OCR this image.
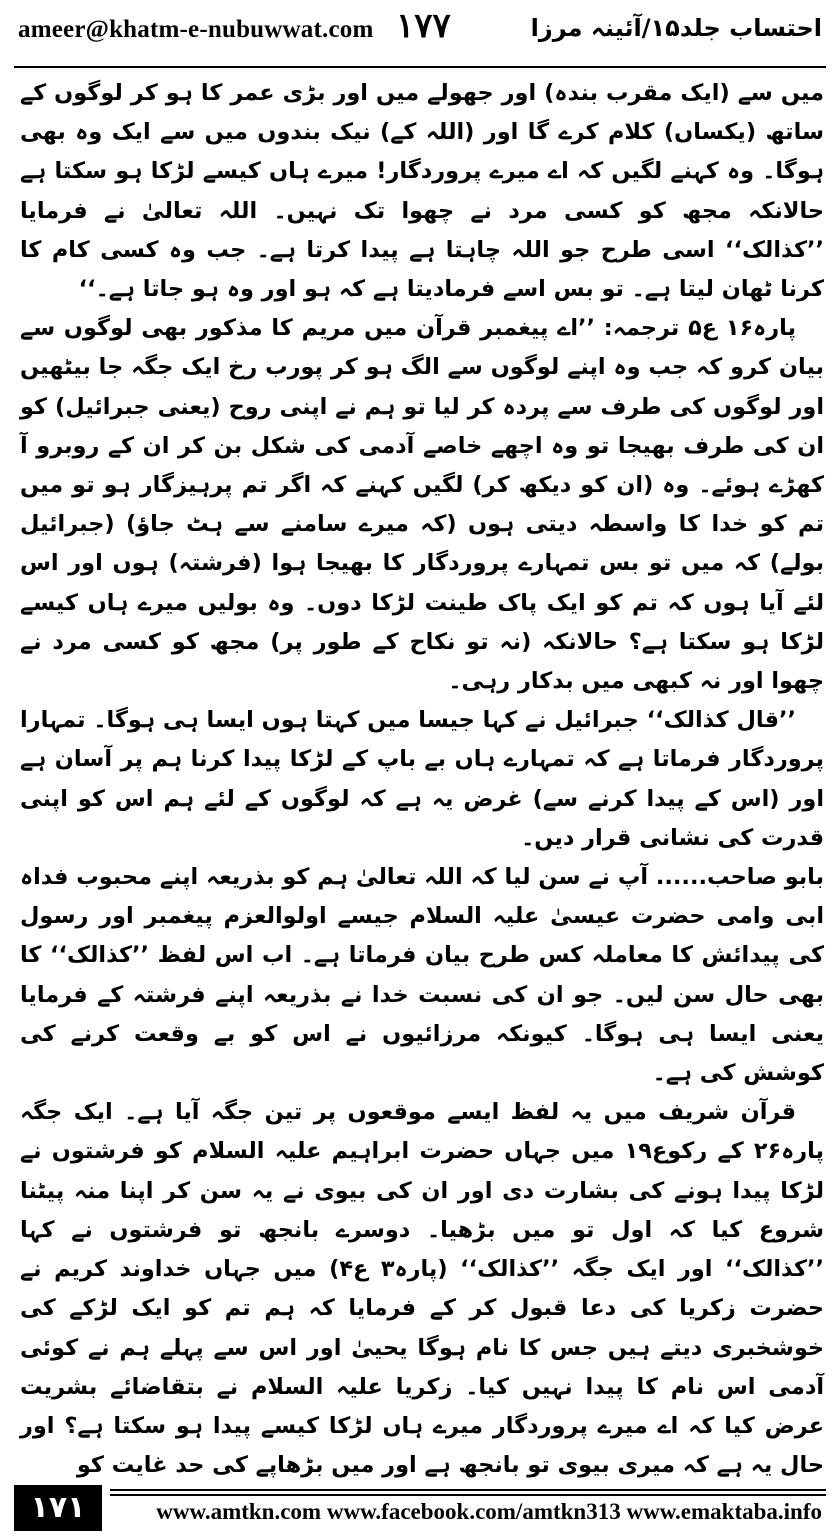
ameer@khatm-e-nubuwwat.com ۱۷۷	احتساب جلد۱۵/آئینہ مرزا

میں سے (ایک مقرب بندہ) اور جھولے میں اور بڑی عمر کا ہو کر لوگوں کے ساتھ (یکساں) کلام کرے گا اور (اللہ کے) نیک بندوں میں سے ایک وہ بھی ہوگا۔ وہ کہنے لگیں کہ اے میرے پروردگار! میرے ہاں کیسے لڑکا ہو سکتا ہے حالانکہ مجھ کو کسی مرد نے چھوا تک نہیں۔ اللہ تعالیٰ نے فرمایا ’’کذالک‘‘ اسی طرح جو اللہ چاہتا ہے پیدا کرتا ہے۔ جب وہ کسی کام کا کرنا ٹھان لیتا ہے۔ تو بس اسے فرمادیتا ہے کہ ہو اور وہ ہو جاتا ہے۔‘‘

پارہ۱۶ ع۵ ترجمہ: ’’اے پیغمبر قرآن میں مریم کا مذکور بھی لوگوں سے بیان کرو کہ جب وہ اپنے لوگوں سے الگ ہو کر پورب رخ ایک جگہ جا بیٹھیں اور لوگوں کی طرف سے پردہ کر لیا تو ہم نے اپنی روح (یعنی جبرائیل) کو ان کی طرف بھیجا تو وہ اچھے خاصے آدمی کی شکل بن کر ان کے روبرو آ کھڑے ہوئے۔ وہ (ان کو دیکھ کر) لگیں کہنے کہ اگر تم پرہیزگار ہو تو میں تم کو خدا کا واسطہ دیتی ہوں (کہ میرے سامنے سے ہٹ جاؤ) (جبرائیل بولے) کہ میں تو بس تمہارے پروردگار کا بھیجا ہوا (فرشتہ) ہوں اور اس لئے آیا ہوں کہ تم کو ایک پاک طینت لڑکا دوں۔ وہ بولیں میرے ہاں کیسے لڑکا ہو سکتا ہے؟ حالانکہ (نہ تو نکاح کے طور پر) مجھ کو کسی مرد نے چھوا اور نہ کبھی میں بدکار رہی۔

’’قال کذالک‘‘ جبرائیل نے کہا جیسا میں کہتا ہوں ایسا ہی ہوگا۔ تمہارا پروردگار فرماتا ہے کہ تمہارے ہاں بے باپ کے لڑکا پیدا کرنا ہم پر آسان ہے اور (اس کے پیدا کرنے سے) غرض یہ ہے کہ لوگوں کے لئے ہم اس کو اپنی قدرت کی نشانی قرار دیں۔

بابو صاحب...... آپ نے سن لیا کہ اللہ تعالیٰ ہم کو بذریعہ اپنے محبوب فداہ ابی وامی حضرت عیسیٰ علیہ السلام جیسے اولوالعزم پیغمبر اور رسول کی پیدائش کا معاملہ کس طرح بیان فرماتا ہے۔ اب اس لفظ ’’کذالک‘‘ کا بھی حال سن لیں۔ جو ان کی نسبت خدا نے بذریعہ اپنے فرشتہ کے فرمایا یعنی ایسا ہی ہوگا۔ کیونکہ مرزائیوں نے اس کو بے وقعت کرنے کی کوشش کی ہے۔

قرآن شریف میں یہ لفظ ایسے موقعوں پر تین جگہ آیا ہے۔ ایک جگہ پارہ۲۶ کے رکوع۱۹ میں جہاں حضرت ابراہیم علیہ السلام کو فرشتوں نے لڑکا پیدا ہونے کی بشارت دی اور ان کی بیوی نے یہ سن کر اپنا منہ پیٹنا شروع کیا کہ اول تو میں بڑھیا۔ دوسرے بانجھ تو فرشتوں نے کہا ’’کذالک‘‘ اور ایک جگہ ’’کذالک‘‘ (پارہ۳ ع۴) میں جہاں خداوند کریم نے حضرت زکریا کی دعا قبول کر کے فرمایا کہ ہم تم کو ایک لڑکے کی خوشخبری دیتے ہیں جس کا نام ہوگا یحییٰ اور اس سے پہلے ہم نے کوئی آدمی اس نام کا پیدا نہیں کیا۔ زکریا علیہ السلام نے بتقاضائے بشریت عرض کیا کہ اے میرے پروردگار میرے ہاں لڑکا کیسے پیدا ہو سکتا ہے؟ اور حال یہ ہے کہ میری بیوی تو بانجھ ہے اور میں بڑھاپے کی حد غایت کو

۱۷۱	www.amtkn.com www.facebook.com/amtkn313 www.emaktaba.info
